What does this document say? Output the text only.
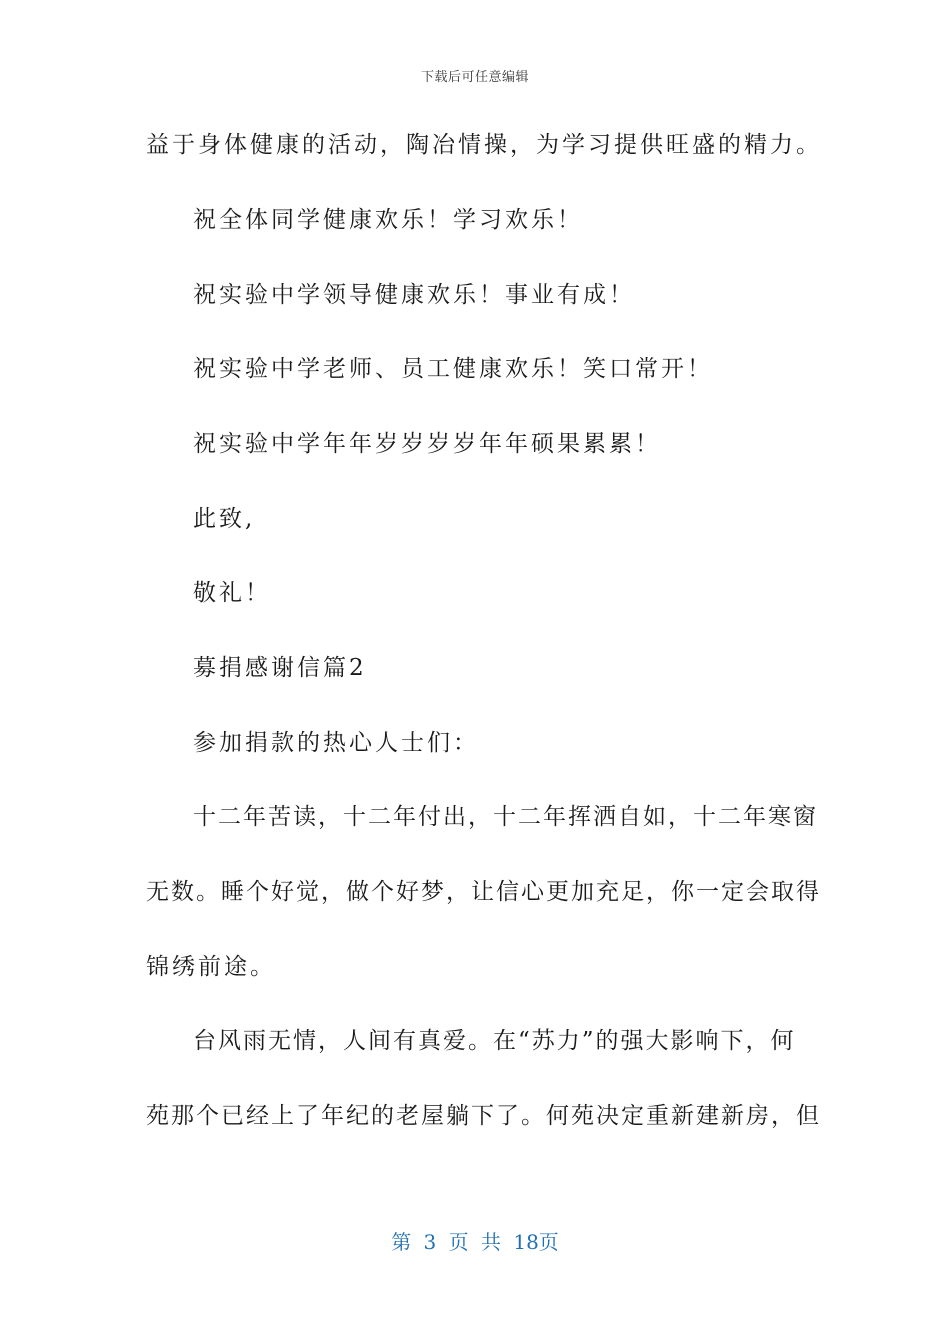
下载后可任意编辑
益于身体健康的活动，陶冶情操，为学习提供旺盛的精力。
祝全体同学健康欢乐！学习欢乐！
祝实验中学领导健康欢乐！事业有成！
祝实验中学老师、员工健康欢乐！笑口常开！
祝实验中学年年岁岁岁岁年年硕果累累！
此致,
敬礼！
募捐感谢信篇2
参加捐款的热心人士们：
十二年苦读，十二年付出，十二年挥洒自如，十二年寒窗
无数。睡个好觉，做个好梦，让信心更加充足，你一定会取得
锦绣前途。
台风雨无情，人间有真爱。在“苏力”的强大影响下，何
苑那个已经上了年纪的老屋躺下了。何苑决定重新建新房，但
第 3 页 共 18页
